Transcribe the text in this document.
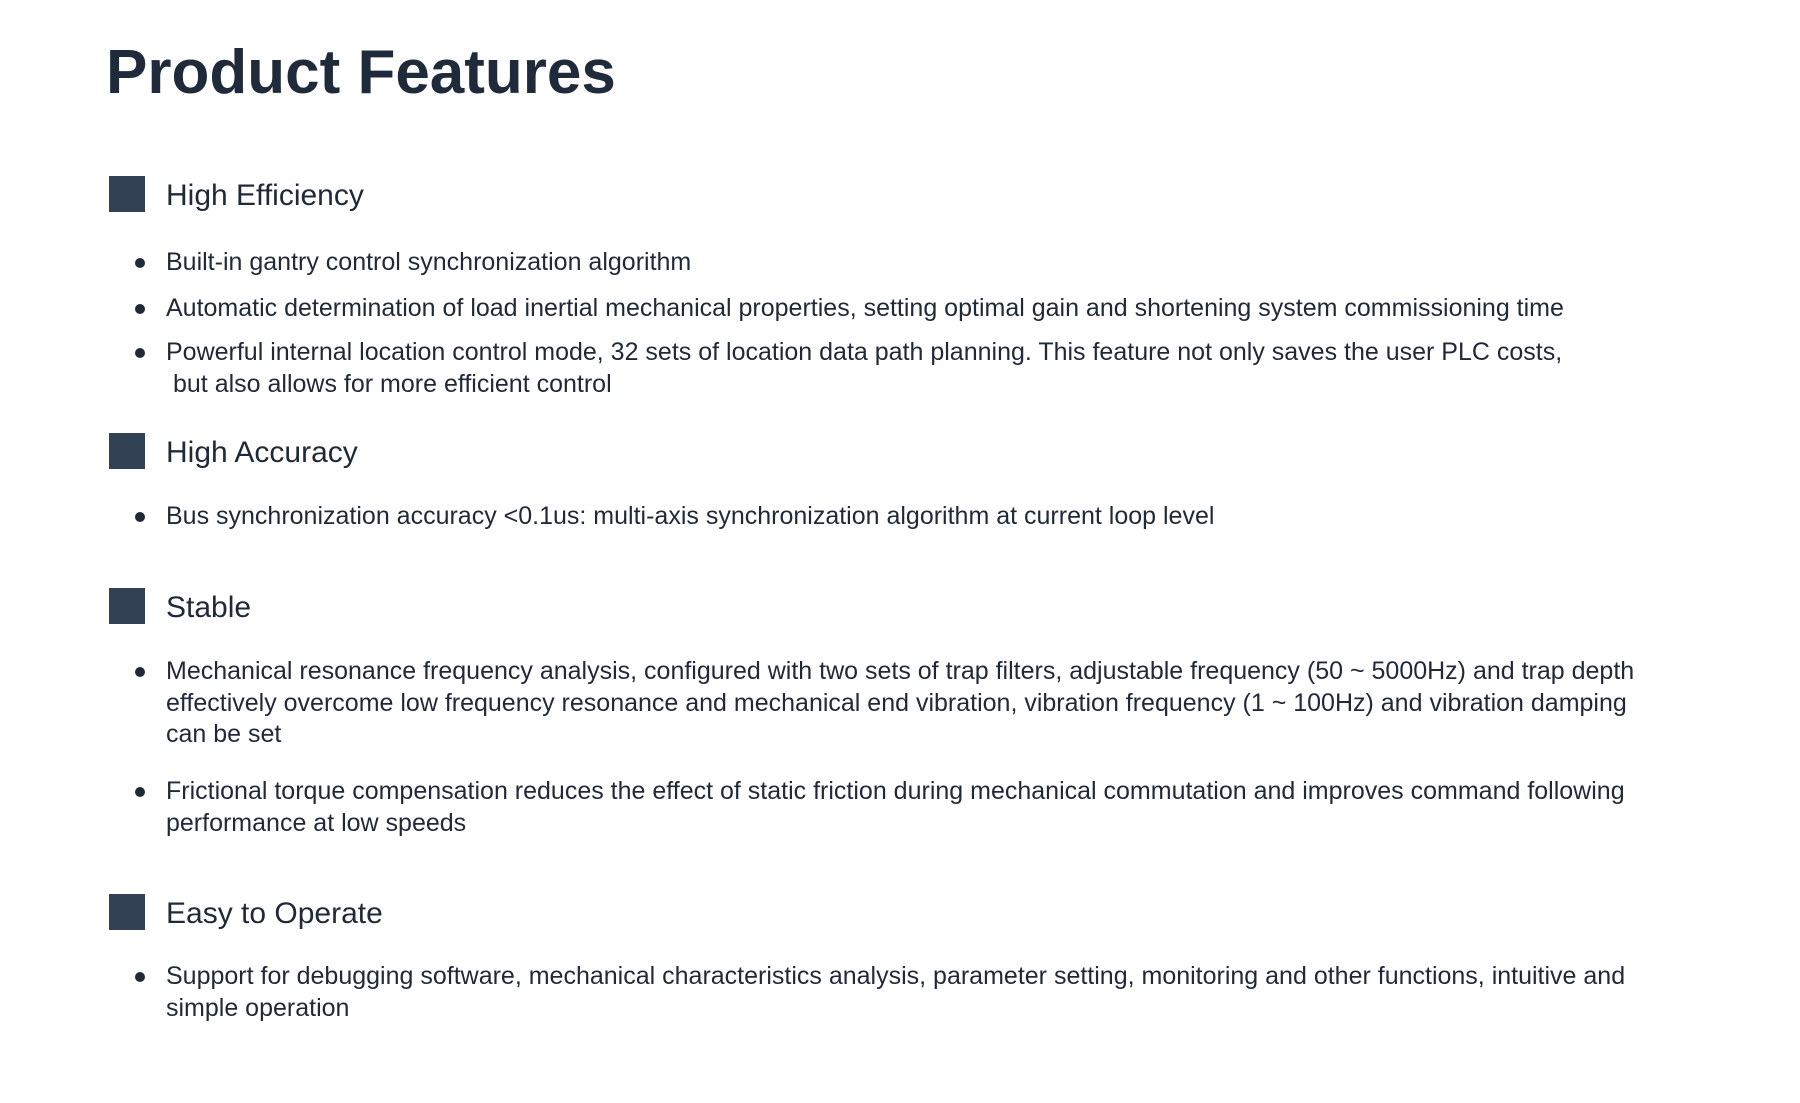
Product Features
High Efficiency

Built-in gantry control synchronization algorithm

Automatic determination of load inertial mechanical properties, setting optimal gain and shortening system commissioning time

Powerful internal location control mode, 32 sets of location data path planning. This feature not only saves the user PLC costs,
but also allows for more efficient control

High Accuracy

Bus synchronization accuracy <0.1us: multi-axis synchronization algorithm at current loop level

Stable

Mechanical resonance frequency analysis, configured with two sets of trap filters, adjustable frequency (50 ~ 5000Hz) and trap depth
effectively overcome low frequency resonance and mechanical end vibration, vibration frequency (1 ~ 100Hz) and vibration damping
can be set

Frictional torque compensation reduces the effect of static friction during mechanical commutation and improves command following
performance at low speeds

Easy to Operate

Support for debugging software, mechanical characteristics analysis, parameter setting, monitoring and other functions, intuitive and
simple operation
